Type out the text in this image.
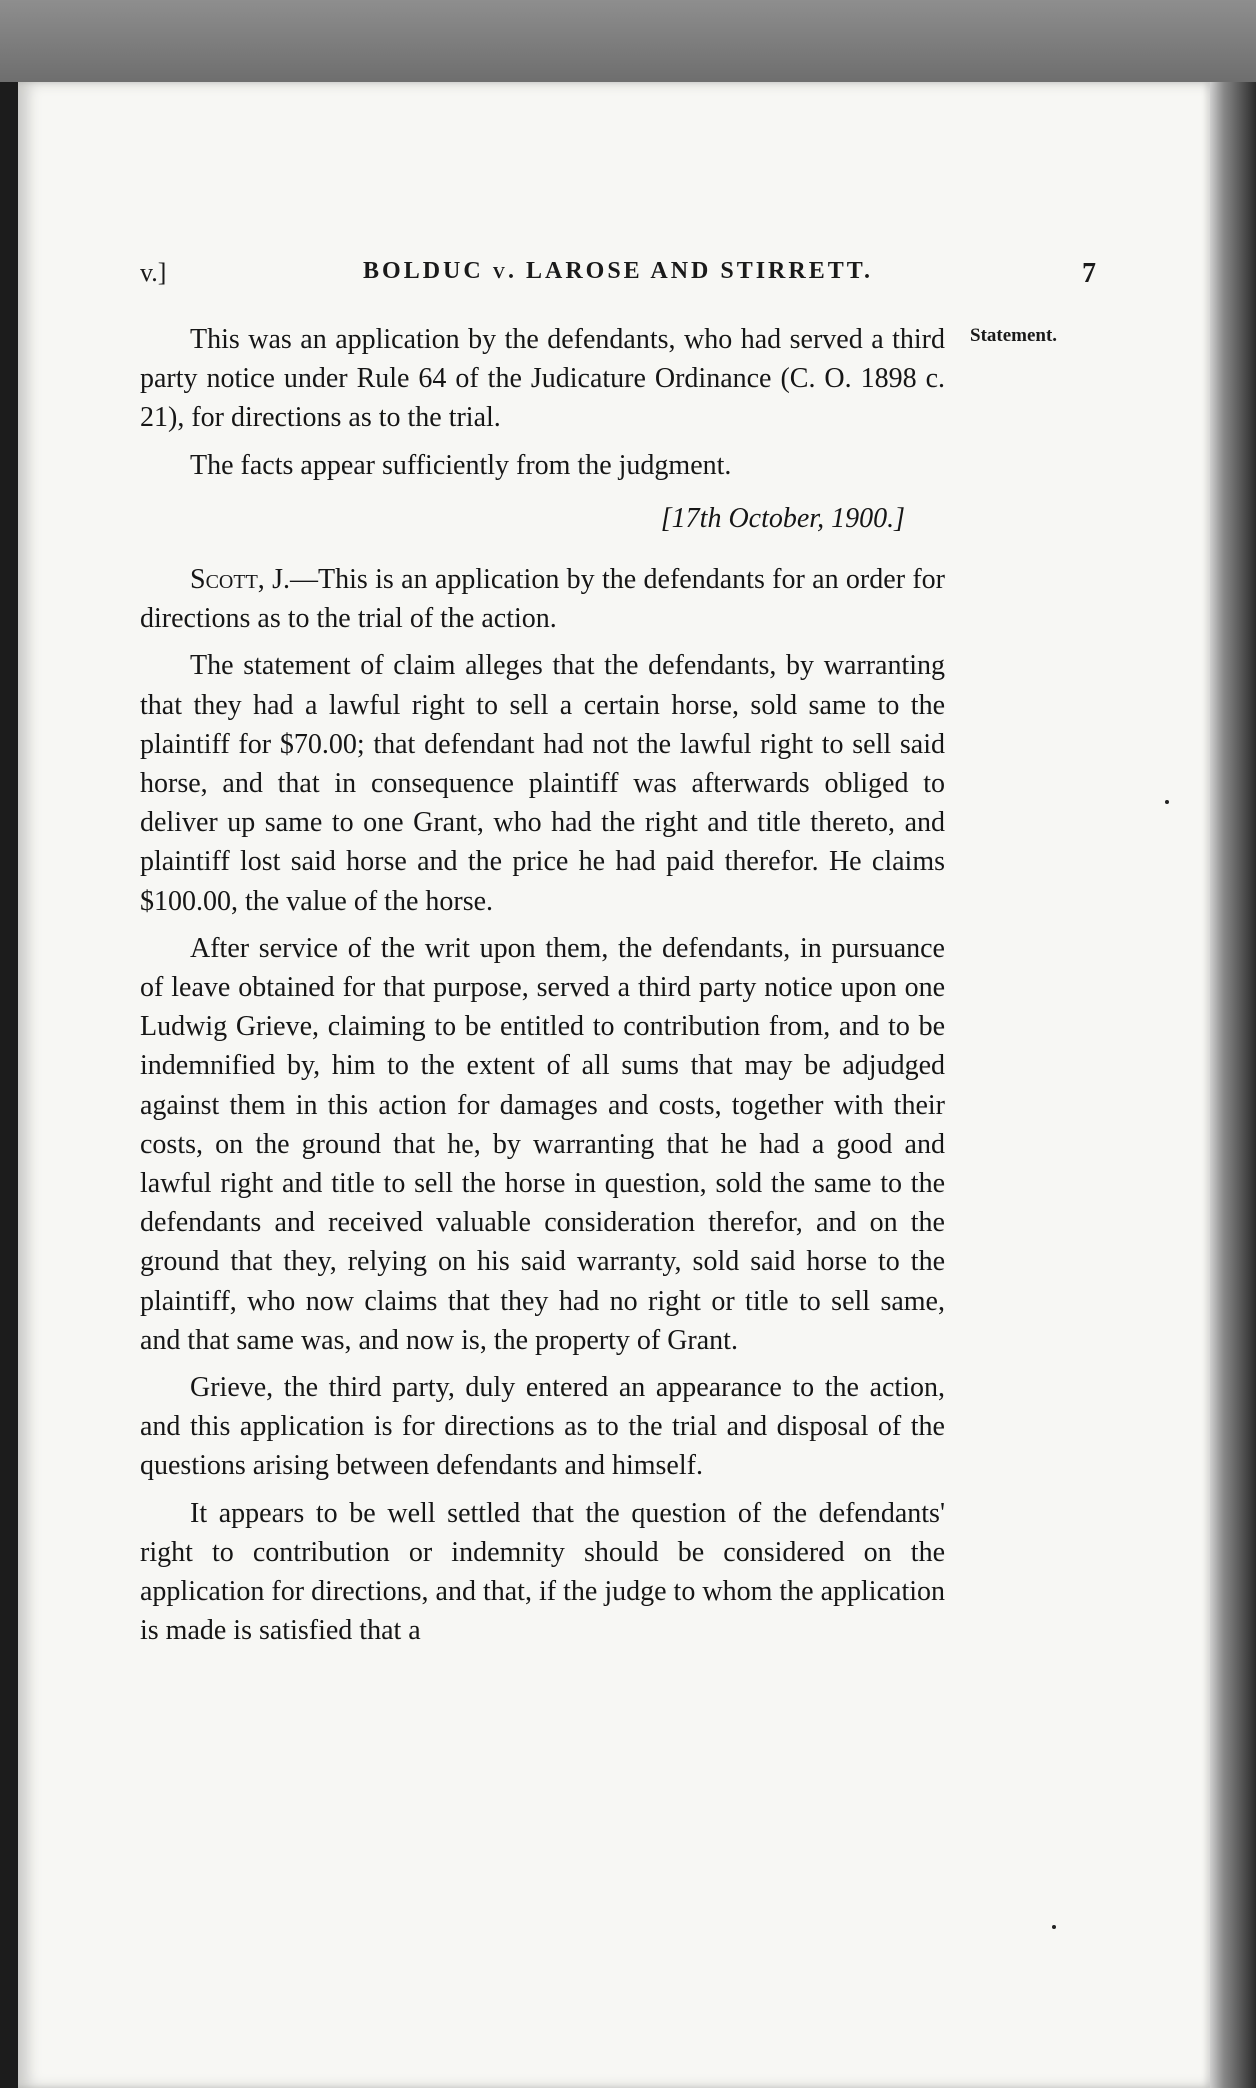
v.]	BOLDUC v. LAROSE AND STIRRETT.	7
Statement.

This was an application by the defendants, who had served a third party notice under Rule 64 of the Judicature Ordinance (C. O. 1898 c. 21), for directions as to the trial.

The facts appear sufficiently from the judgment.

[17th October, 1900.]

Scott, J.—This is an application by the defendants for an order for directions as to the trial of the action.

The statement of claim alleges that the defendants, by warranting that they had a lawful right to sell a certain horse, sold same to the plaintiff for $70.00; that defendant had not the lawful right to sell said horse, and that in consequence plaintiff was afterwards obliged to deliver up same to one Grant, who had the right and title thereto, and plaintiff lost said horse and the price he had paid therefor. He claims $100.00, the value of the horse.

After service of the writ upon them, the defendants, in pursuance of leave obtained for that purpose, served a third party notice upon one Ludwig Grieve, claiming to be entitled to contribution from, and to be indemnified by, him to the extent of all sums that may be adjudged against them in this action for damages and costs, together with their costs, on the ground that he, by warranting that he had a good and lawful right and title to sell the horse in question, sold the same to the defendants and received valuable consideration therefor, and on the ground that they, relying on his said warranty, sold said horse to the plaintiff, who now claims that they had no right or title to sell same, and that same was, and now is, the property of Grant.

Grieve, the third party, duly entered an appearance to the action, and this application is for directions as to the trial and disposal of the questions arising between defendants and himself.

It appears to be well settled that the question of the defendants' right to contribution or indemnity should be considered on the application for directions, and that, if the judge to whom the application is made is satisfied that a
